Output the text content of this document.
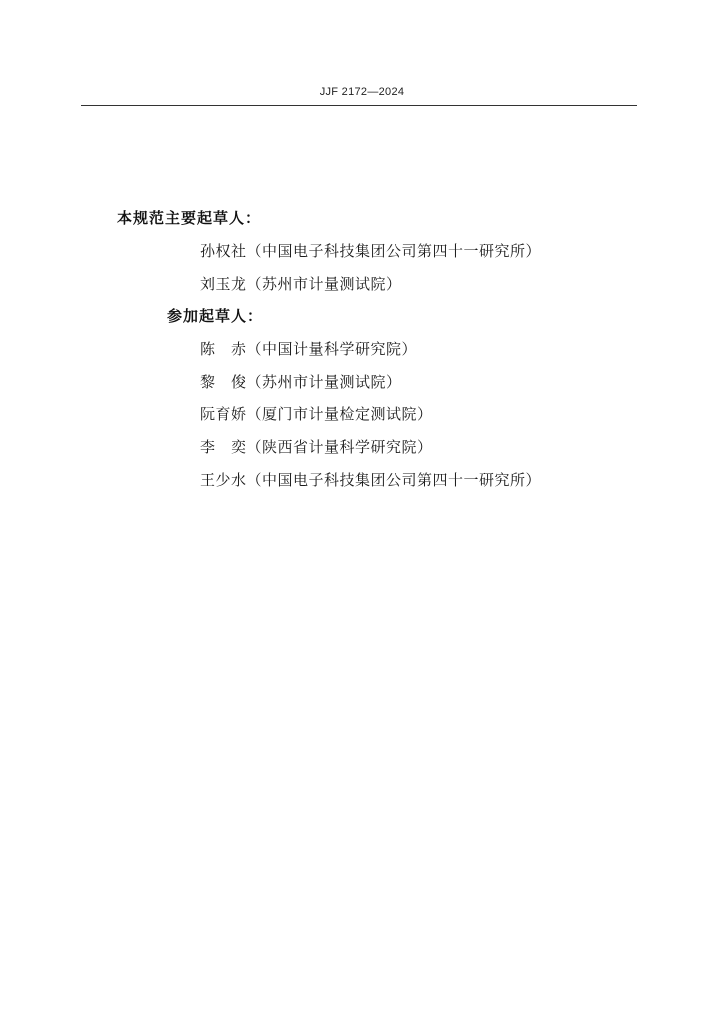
JJF 2172—2024
本规范主要起草人：
孙权社（中国电子科技集团公司第四十一研究所）
刘玉龙（苏州市计量测试院）
参加起草人：
陈　赤（中国计量科学研究院）
黎　俊（苏州市计量测试院）
阮育娇（厦门市计量检定测试院）
李　奕（陕西省计量科学研究院）
王少水（中国电子科技集团公司第四十一研究所）
